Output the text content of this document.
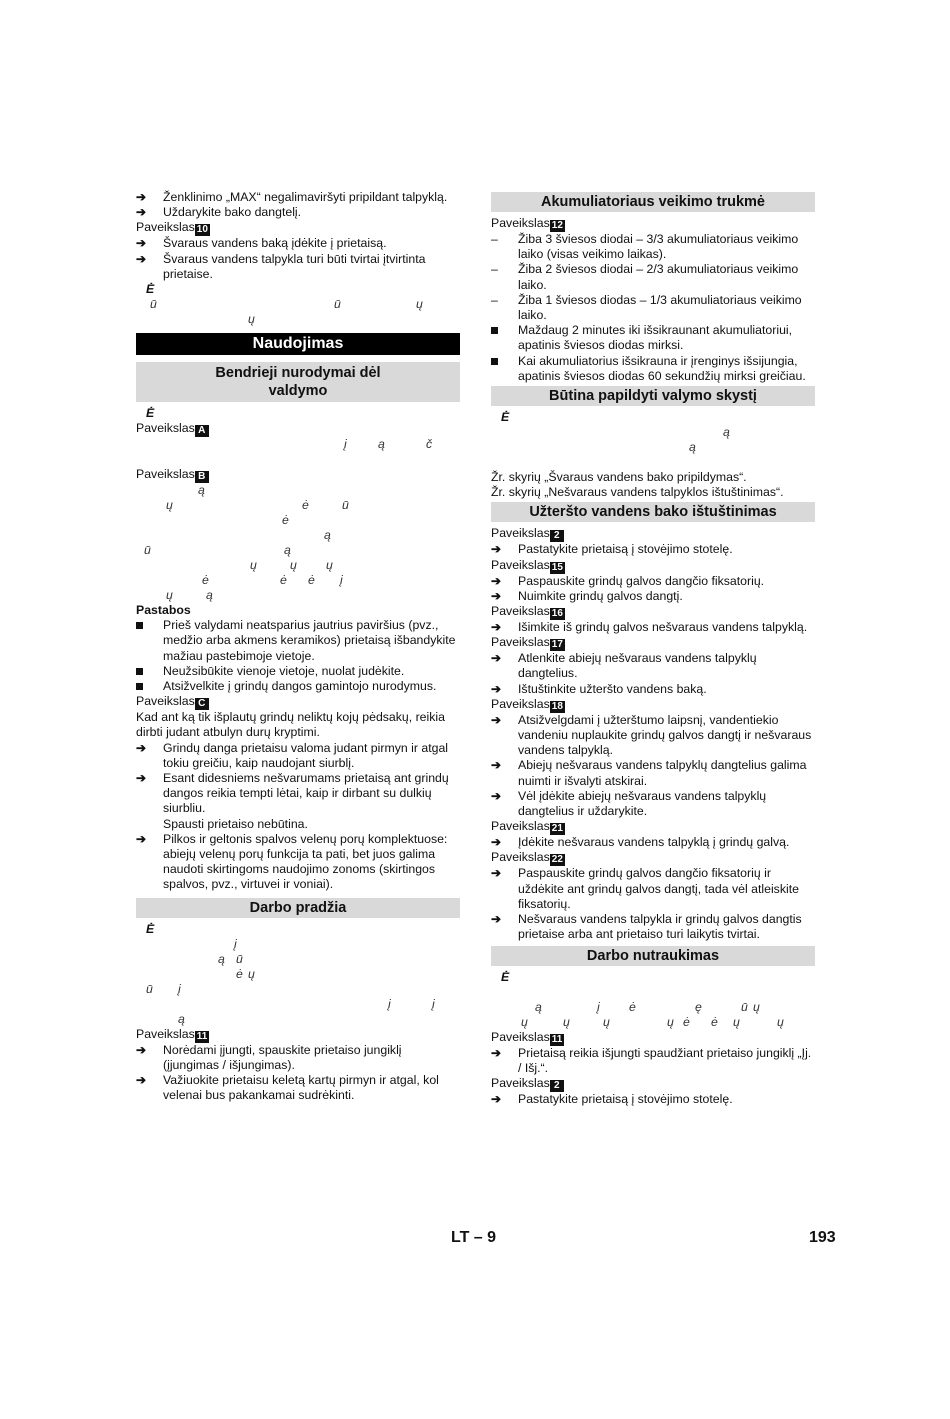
➔ Ženklinimo „MAX“ negalimaviršyti pripildant talpyklą.
➔ Uždarykite bako dangtelį.
Paveikslas 10
➔ Švaraus vandens baką įdėkite į prietaisą.
➔ Švaraus vandens talpykla turi būti tvirtai įtvirtinta prietaise.
Ė
ū	ū	ų
ų
Naudojimas
Bendrieji nurodymai dėl valdymo
Ė
Paveikslas A
į	ą	č
Paveikslas B
ą
ų	ė	ū
ė
ą
ū	ą
ų	ų ų
ė	ė ė į
ų	ą
Pastabos
Prieš valydami neatsparius jautrius paviršius (pvz., medžio arba akmens keramikos) prietaisą išbandykite mažiau pastebimoje vietoje.
Neužsibūkite vienoje vietoje, nuolat judėkite.
Atsižvelkite į grindų dangos gamintojo nurodymus.
Paveikslas C
Kad ant ką tik išplautų grindų neliktų kojų pėdsakų, reikia dirbti judant atbulyn durų kryptimi.
➔ Grindų danga prietaisu valoma judant pirmyn ir atgal tokiu greičiu, kaip naudojant siurblį.
➔ Esant didesniems nešvarumams prietaisą ant grindų dangos reikia tempti lėtai, kaip ir dirbant su dulkių siurbliu.
Spausti prietaiso nebūtina.
➔ Pilkos ir geltonis spalvos velenų porų komplektuose: abiejų velenų porų funkcija ta pati, bet juos galima naudoti skirtingoms naudojimo zonoms (skirtingos spalvos, pvz., virtuvei ir voniai).
Darbo pradžia
Ė
į
ą ū
ė ų
ū į
į	į
ą
Paveikslas 11
➔ Norėdami įjungti, spauskite prietaiso jungiklį (įjungimas / išjungimas).
➔ Važiuokite prietaisu keletą kartų pirmyn ir atgal, kol velenai bus pakankamai sudrėkinti.
Akumuliatoriaus veikimo trukmė
Paveikslas 12
– Žiba 3 šviesos diodai – 3/3 akumuliatoriaus veikimo laiko (visas veikimo laikas).
– Žiba 2 šviesos diodai – 2/3 akumuliatoriaus veikimo laiko.
– Žiba 1 šviesos diodas – 1/3 akumuliatoriaus veikimo laiko.
Maždaug 2 minutes iki išsikraunant akumuliatoriui, apatinis šviesos diodas mirksi.
Kai akumuliatorius išsikrauna ir įrenginys išsijungia, apatinis šviesos diodas 60 sekundžių mirksi greičiau.
Būtina papildyti valymo skystį
Ė
ą
ą
Žr. skyrių „Švaraus vandens bako pripildymas“.
Žr. skyrių „Nešvaraus vandens talpyklos ištuštinimas“.
Užteršto vandens bako ištuštinimas
Paveikslas 2
➔ Pastatykite prietaisą į stovėjimo stotelę.
Paveikslas 15
➔ Paspauskite grindų galvos dangčio fiksatorių.
➔ Nuimkite grindų galvos dangtį.
Paveikslas 16
➔ Išimkite iš grindų galvos nešvaraus vandens talpyklą.
Paveikslas 17
➔ Atlenkite abiejų nešvaraus vandens talpyklų dangtelius.
➔ Ištuštinkite užteršto vandens baką.
Paveikslas 18
➔ Atsižvelgdami į užterštumo laipsnį, vandentiekio vandeniu nuplaukite grindų galvos dangtį ir nešvaraus vandens talpyklą.
➔ Abiejų nešvaraus vandens talpyklų dangtelius galima nuimti ir išvalyti atskirai.
➔ Vėl įdėkite abiejų nešvaraus vandens talpyklų dangtelius ir uždarykite.
Paveikslas 21
➔ Įdėkite nešvaraus vandens talpyklą į grindų galvą.
Paveikslas 22
➔ Paspauskite grindų galvos dangčio fiksatorių ir uždėkite ant grindų galvos dangtį, tada vėl atleiskite fiksatorių.
➔ Nešvaraus vandens talpykla ir grindų galvos dangtis prietaise arba ant prietaiso turi laikytis tvirtai.
Darbo nutraukimas
Ė
ą	į ė	ę	ū ų
ų	ų	ų	ų ė ė ų	ų
Paveikslas 11
➔ Prietaisą reikia išjungti spaudžiant prietaiso jungiklį „Įj. / Išj.“.
Paveikslas 2
➔ Pastatykite prietaisą į stovėjimo stotelę.
LT – 9	193
